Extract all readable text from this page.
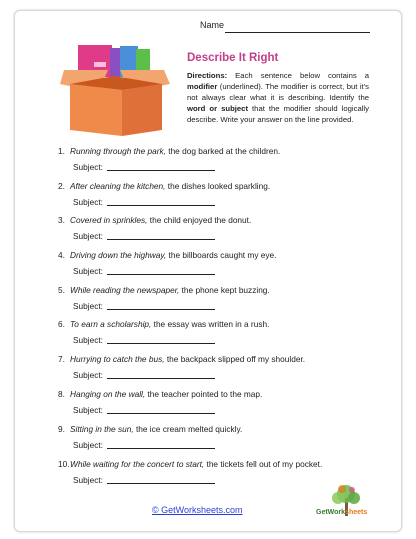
Name
Describe It Right
Directions: Each sentence below contains a modifier (underlined). The modifier is correct, but it's not always clear what it is describing. Identify the word or subject that the modifier should logically describe. Write your answer on the line provided.
1. Running through the park, the dog barked at the children.
Subject:
2. After cleaning the kitchen, the dishes looked sparkling.
Subject:
3. Covered in sprinkles, the child enjoyed the donut.
Subject:
4. Driving down the highway, the billboards caught my eye.
Subject:
5. While reading the newspaper, the phone kept buzzing.
Subject:
6. To earn a scholarship, the essay was written in a rush.
Subject:
7. Hurrying to catch the bus, the backpack slipped off my shoulder.
Subject:
8. Hanging on the wall, the teacher pointed to the map.
Subject:
9. Sitting in the sun, the ice cream melted quickly.
Subject:
10.While waiting for the concert to start, the tickets fell out of my pocket.
Subject:
© GetWorksheets.com	GetWorksheets
